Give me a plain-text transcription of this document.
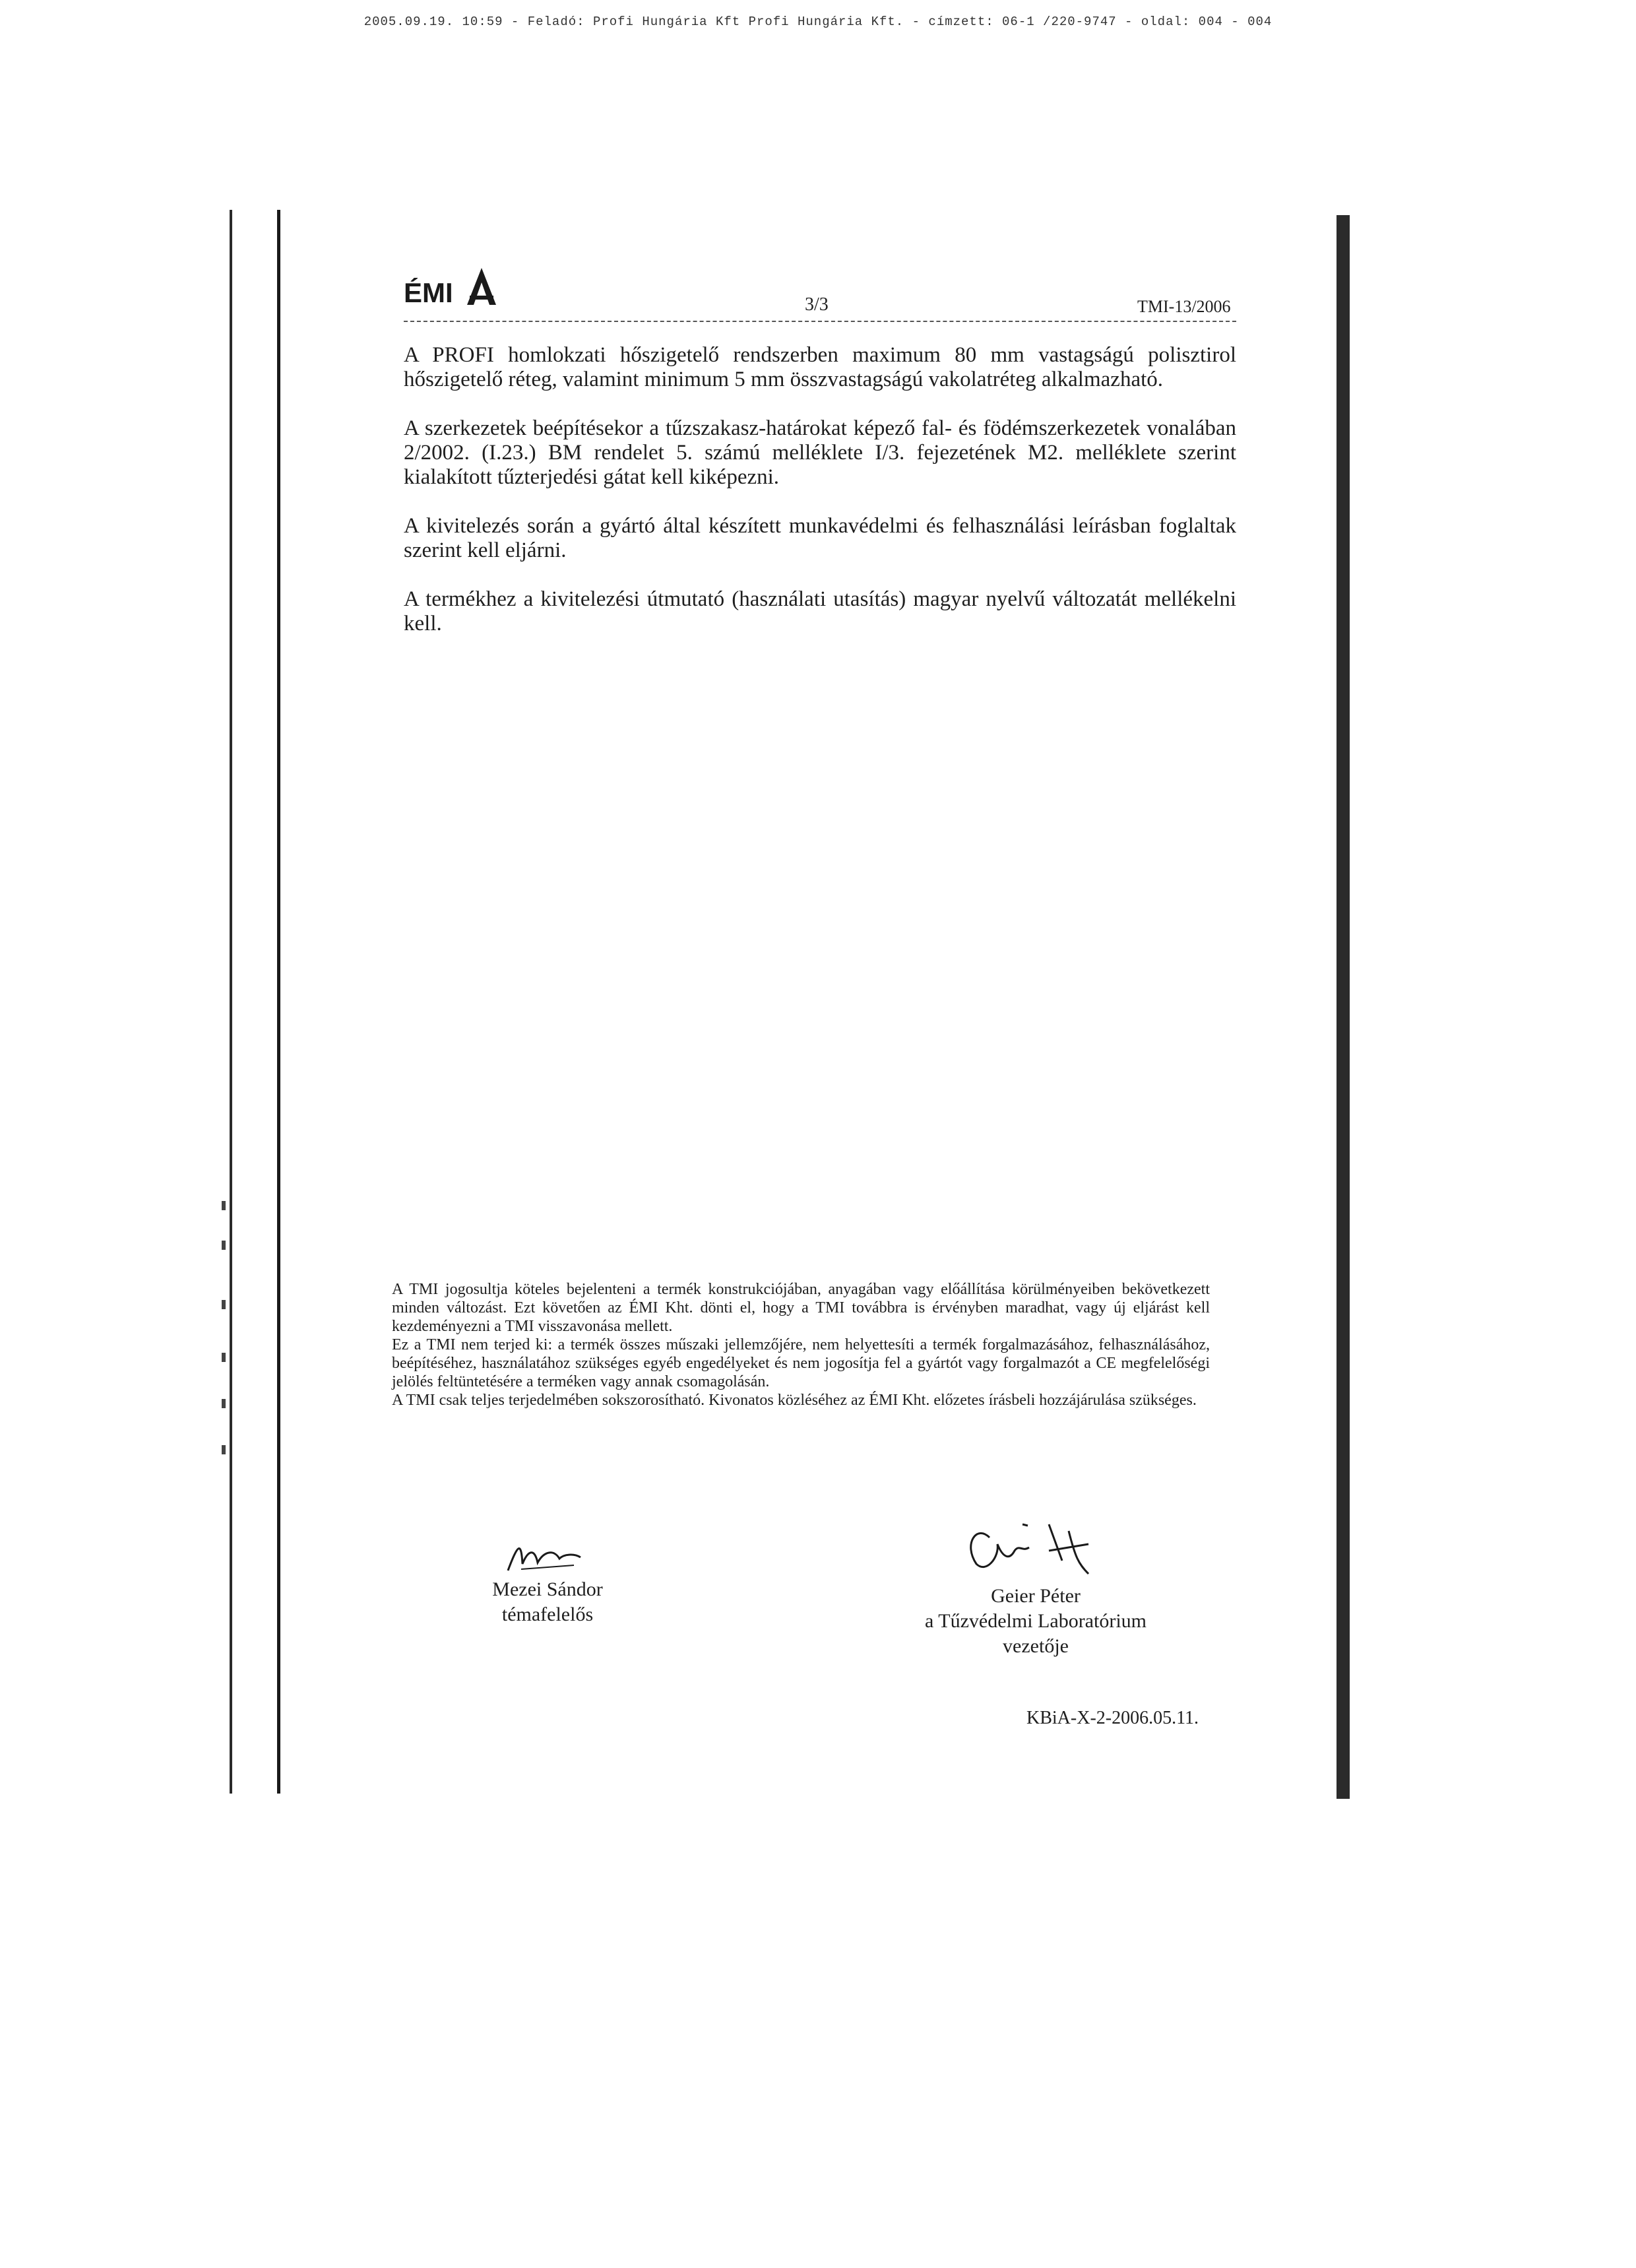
2005.09.19. 10:59 - Feladó: Profi Hungária Kft Profi Hungária Kft. - címzett: 06-1 /220-9747 - oldal: 004 - 004
ÉMI	3/3	TMI-13/2006

A PROFI homlokzati hőszigetelő rendszerben maximum 80 mm vastagságú polisztirol hőszigetelő réteg, valamint minimum 5 mm összvastagságú vakolatréteg alkalmazható.

A szerkezetek beépítésekor a tűzszakasz-határokat képező fal- és födémszerkezetek vonalában 2/2002. (I.23.) BM rendelet 5. számú melléklete I/3. fejezetének M2. melléklete szerint kialakított tűzterjedési gátat kell kiképezni.

A kivitelezés során a gyártó által készített munkavédelmi és felhasználási leírásban foglaltak szerint kell eljárni.

A termékhez a kivitelezési útmutató (használati utasítás) magyar nyelvű változatát mellékelni kell.

A TMI jogosultja köteles bejelenteni a termék konstrukciójában, anyagában vagy előállítása körülményeiben bekövetkezett minden változást. Ezt követően az ÉMI Kht. dönti el, hogy a TMI továbbra is érvényben maradhat, vagy új eljárást kell kezdeményezni a TMI visszavonása mellett.

Ez a TMI nem terjed ki: a termék összes műszaki jellemzőjére, nem helyettesíti a termék forgalmazásához, felhasználásához, beépítéséhez, használatához szükséges egyéb engedélyeket és nem jogosítja fel a gyártót vagy forgalmazót a CE megfelelőségi jelölés feltüntetésére a terméken vagy annak csomagolásán.

A TMI csak teljes terjedelmében sokszorosítható. Kivonatos közléséhez az ÉMI Kht. előzetes írásbeli hozzájárulása szükséges.

Mezei Sándor
témafelelős
Geier Péter
a Tűzvédelmi Laboratórium
vezetője
KBiA-X-2-2006.05.11.
